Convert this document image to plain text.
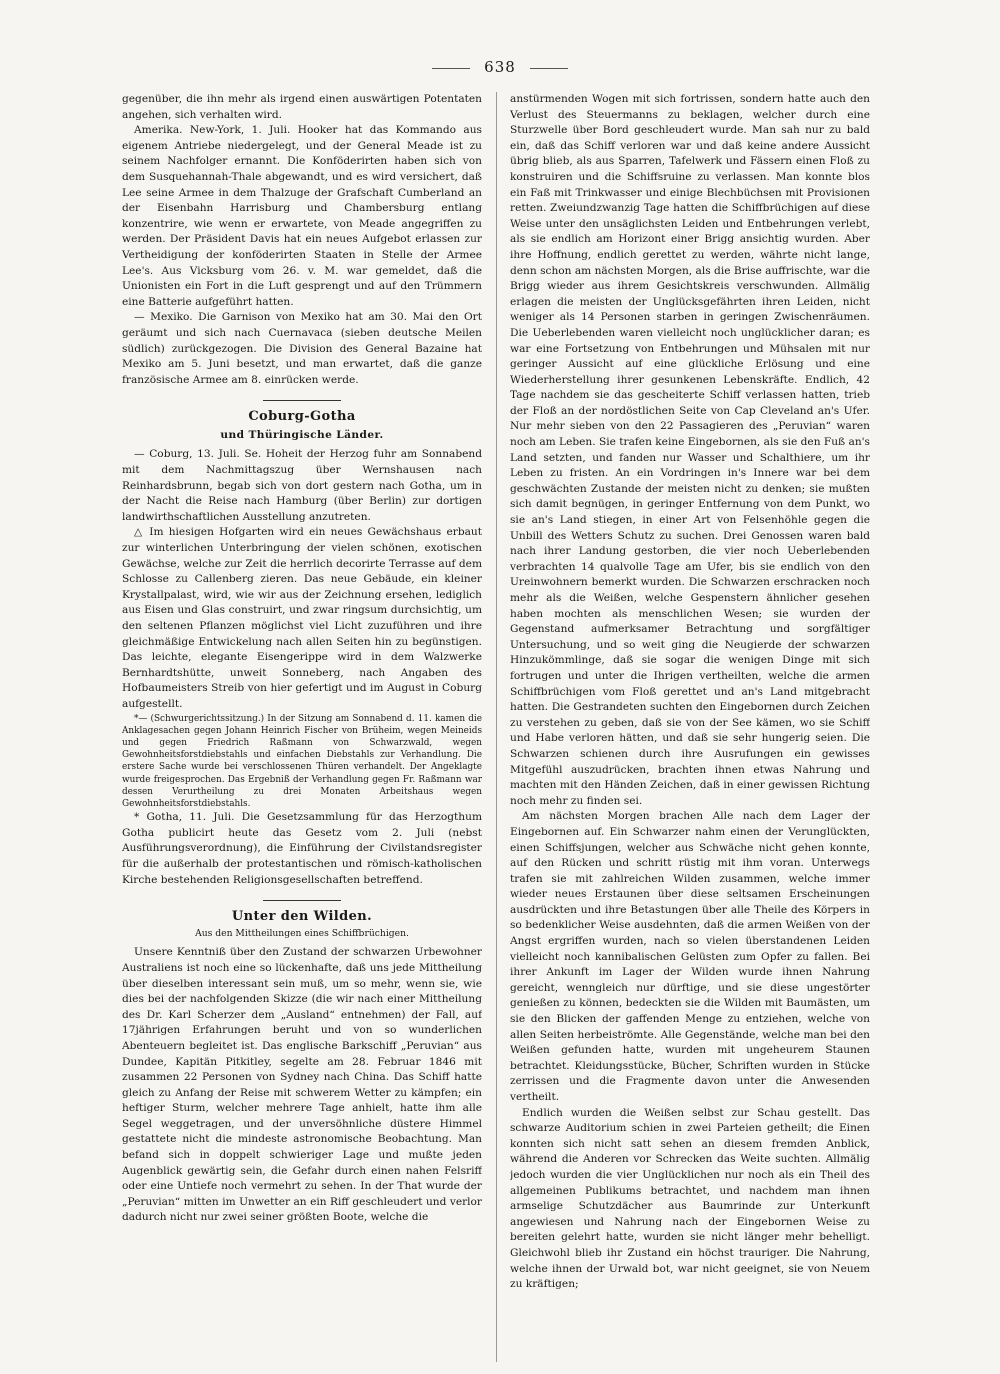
638

gegenüber, die ihn mehr als irgend einen auswärtigen Potentaten angehen, sich verhalten wird.

Amerika. New-York, 1. Juli. Hooker hat das Kommando aus eigenem Antriebe niedergelegt, und der General Meade ist zu seinem Nachfolger ernannt. Die Konföderirten haben sich von dem Susquehannah-Thale abgewandt, und es wird versichert, daß Lee seine Armee in dem Thalzuge der Grafschaft Cumberland an der Eisenbahn Harrisburg und Chambersburg entlang konzentrire, wie wenn er erwartete, von Meade angegriffen zu werden. Der Präsident Davis hat ein neues Aufgebot erlassen zur Vertheidigung der konföderirten Staaten in Stelle der Armee Lee's. Aus Vicksburg vom 26. v. M. war gemeldet, daß die Unionisten ein Fort in die Luft gesprengt und auf den Trümmern eine Batterie aufgeführt hatten.

— Mexiko. Die Garnison von Mexiko hat am 30. Mai den Ort geräumt und sich nach Cuernavaca (sieben deutsche Meilen südlich) zurückgezogen. Die Division des General Bazaine hat Mexiko am 5. Juni besetzt, und man erwartet, daß die ganze französische Armee am 8. einrücken werde.

Coburg-Gotha
und Thüringische Länder.

— Coburg, 13. Juli. Se. Hoheit der Herzog fuhr am Sonnabend mit dem Nachmittagszug über Wernshausen nach Reinhardsbrunn, begab sich von dort gestern nach Gotha, um in der Nacht die Reise nach Hamburg (über Berlin) zur dortigen landwirthschaftlichen Ausstellung anzutreten.

△ Im hiesigen Hofgarten wird ein neues Gewächshaus erbaut zur winterlichen Unterbringung der vielen schönen, exotischen Gewächse, welche zur Zeit die herrlich decorirte Terrasse auf dem Schlosse zu Callenberg zieren. Das neue Gebäude, ein kleiner Krystallpalast, wird, wie wir aus der Zeichnung ersehen, lediglich aus Eisen und Glas construirt, und zwar ringsum durchsichtig, um den seltenen Pflanzen möglichst viel Licht zuzuführen und ihre gleichmäßige Entwickelung nach allen Seiten hin zu begünstigen. Das leichte, elegante Eisengerippe wird in dem Walzwerke Bernhardtshütte, unweit Sonneberg, nach Angaben des Hofbaumeisters Streib von hier gefertigt und im August in Coburg aufgestellt.

*— (Schwurgerichtssitzung.) In der Sitzung am Sonnabend d. 11. kamen die Anklagesachen gegen Johann Heinrich Fischer von Brüheim, wegen Meineids und gegen Friedrich Raßmann von Schwarzwald, wegen Gewohnheitsforstdiebstahls und einfachen Diebstahls zur Verhandlung. Die erstere Sache wurde bei verschlossenen Thüren verhandelt. Der Angeklagte wurde freigesprochen. Das Ergebniß der Verhandlung gegen Fr. Raßmann war dessen Verurtheilung zu drei Monaten Arbeitshaus wegen Gewohnheitsforstdiebstahls.

* Gotha, 11. Juli. Die Gesetzsammlung für das Herzogthum Gotha publicirt heute das Gesetz vom 2. Juli (nebst Ausführungsverordnung), die Einführung der Civilstandsregister für die außerhalb der protestantischen und römisch-katholischen Kirche bestehenden Religionsgesellschaften betreffend.

Unter den Wilden.
Aus den Mittheilungen eines Schiffbrüchigen.

Unsere Kenntniß über den Zustand der schwarzen Urbewohner Australiens ist noch eine so lückenhafte, daß uns jede Mittheilung über dieselben interessant sein muß, um so mehr, wenn sie, wie dies bei der nachfolgenden Skizze (die wir nach einer Mittheilung des Dr. Karl Scherzer dem „Ausland“ entnehmen) der Fall, auf 17jährigen Erfahrungen beruht und von so wunderlichen Abenteuern begleitet ist. Das englische Barkschiff „Peruvian“ aus Dundee, Kapitän Pitkitley, segelte am 28. Februar 1846 mit zusammen 22 Personen von Sydney nach China. Das Schiff hatte gleich zu Anfang der Reise mit schwerem Wetter zu kämpfen; ein heftiger Sturm, welcher mehrere Tage anhielt, hatte ihm alle Segel weggetragen, und der unversöhnliche düstere Himmel gestattete nicht die mindeste astronomische Beobachtung. Man befand sich in doppelt schwieriger Lage und mußte jeden Augenblick gewärtig sein, die Gefahr durch einen nahen Felsriff oder eine Untiefe noch vermehrt zu sehen. In der That wurde der „Peruvian“ mitten im Unwetter an ein Riff geschleudert und verlor dadurch nicht nur zwei seiner größten Boote, welche die

anstürmenden Wogen mit sich fortrissen, sondern hatte auch den Verlust des Steuermanns zu beklagen, welcher durch eine Sturzwelle über Bord geschleudert wurde. Man sah nur zu bald ein, daß das Schiff verloren war und daß keine andere Aussicht übrig blieb, als aus Sparren, Tafelwerk und Fässern einen Floß zu konstruiren und die Schiffsruine zu verlassen. Man konnte blos ein Faß mit Trinkwasser und einige Blechbüchsen mit Provisionen retten. Zweiundzwanzig Tage hatten die Schiffbrüchigen auf diese Weise unter den unsäglichsten Leiden und Entbehrungen verlebt, als sie endlich am Horizont einer Brigg ansichtig wurden. Aber ihre Hoffnung, endlich gerettet zu werden, währte nicht lange, denn schon am nächsten Morgen, als die Brise auffrischte, war die Brigg wieder aus ihrem Gesichtskreis verschwunden. Allmälig erlagen die meisten der Unglücksgefährten ihren Leiden, nicht weniger als 14 Personen starben in geringen Zwischenräumen. Die Ueberlebenden waren vielleicht noch unglücklicher daran; es war eine Fortsetzung von Entbehrungen und Mühsalen mit nur geringer Aussicht auf eine glückliche Erlösung und eine Wiederherstellung ihrer gesunkenen Lebenskräfte. Endlich, 42 Tage nachdem sie das gescheiterte Schiff verlassen hatten, trieb der Floß an der nordöstlichen Seite von Cap Cleveland an's Ufer. Nur mehr sieben von den 22 Passagieren des „Peruvian“ waren noch am Leben. Sie trafen keine Eingebornen, als sie den Fuß an's Land setzten, und fanden nur Wasser und Schalthiere, um ihr Leben zu fristen. An ein Vordringen in's Innere war bei dem geschwächten Zustande der meisten nicht zu denken; sie mußten sich damit begnügen, in geringer Entfernung von dem Punkt, wo sie an's Land stiegen, in einer Art von Felsenhöhle gegen die Unbill des Wetters Schutz zu suchen. Drei Genossen waren bald nach ihrer Landung gestorben, die vier noch Ueberlebenden verbrachten 14 qualvolle Tage am Ufer, bis sie endlich von den Ureinwohnern bemerkt wurden. Die Schwarzen erschracken noch mehr als die Weißen, welche Gespenstern ähnlicher gesehen haben mochten als menschlichen Wesen; sie wurden der Gegenstand aufmerksamer Betrachtung und sorgfältiger Untersuchung, und so weit ging die Neugierde der schwarzen Hinzukömmlinge, daß sie sogar die wenigen Dinge mit sich fortrugen und unter die Ihrigen vertheilten, welche die armen Schiffbrüchigen vom Floß gerettet und an's Land mitgebracht hatten. Die Gestrandeten suchten den Eingebornen durch Zeichen zu verstehen zu geben, daß sie von der See kämen, wo sie Schiff und Habe verloren hätten, und daß sie sehr hungerig seien. Die Schwarzen schienen durch ihre Ausrufungen ein gewisses Mitgefühl auszudrücken, brachten ihnen etwas Nahrung und machten mit den Händen Zeichen, daß in einer gewissen Richtung noch mehr zu finden sei.

Am nächsten Morgen brachen Alle nach dem Lager der Eingebornen auf. Ein Schwarzer nahm einen der Verunglückten, einen Schiffsjungen, welcher aus Schwäche nicht gehen konnte, auf den Rücken und schritt rüstig mit ihm voran. Unterwegs trafen sie mit zahlreichen Wilden zusammen, welche immer wieder neues Erstaunen über diese seltsamen Erscheinungen ausdrückten und ihre Betastungen über alle Theile des Körpers in so bedenklicher Weise ausdehnten, daß die armen Weißen von der Angst ergriffen wurden, nach so vielen überstandenen Leiden vielleicht noch kannibalischen Gelüsten zum Opfer zu fallen. Bei ihrer Ankunft im Lager der Wilden wurde ihnen Nahrung gereicht, wenngleich nur dürftige, und sie diese ungestörter genießen zu können, bedeckten sie die Wilden mit Baumästen, um sie den Blicken der gaffenden Menge zu entziehen, welche von allen Seiten herbeiströmte. Alle Gegenstände, welche man bei den Weißen gefunden hatte, wurden mit ungeheurem Staunen betrachtet. Kleidungsstücke, Bücher, Schriften wurden in Stücke zerrissen und die Fragmente davon unter die Anwesenden vertheilt.

Endlich wurden die Weißen selbst zur Schau gestellt. Das schwarze Auditorium schien in zwei Parteien getheilt; die Einen konnten sich nicht satt sehen an diesem fremden Anblick, während die Anderen vor Schrecken das Weite suchten. Allmälig jedoch wurden die vier Unglücklichen nur noch als ein Theil des allgemeinen Publikums betrachtet, und nachdem man ihnen armselige Schutzdächer aus Baumrinde zur Unterkunft angewiesen und Nahrung nach der Eingebornen Weise zu bereiten gelehrt hatte, wurden sie nicht länger mehr behelligt. Gleichwohl blieb ihr Zustand ein höchst trauriger. Die Nahrung, welche ihnen der Urwald bot, war nicht geeignet, sie von Neuem zu kräftigen;
